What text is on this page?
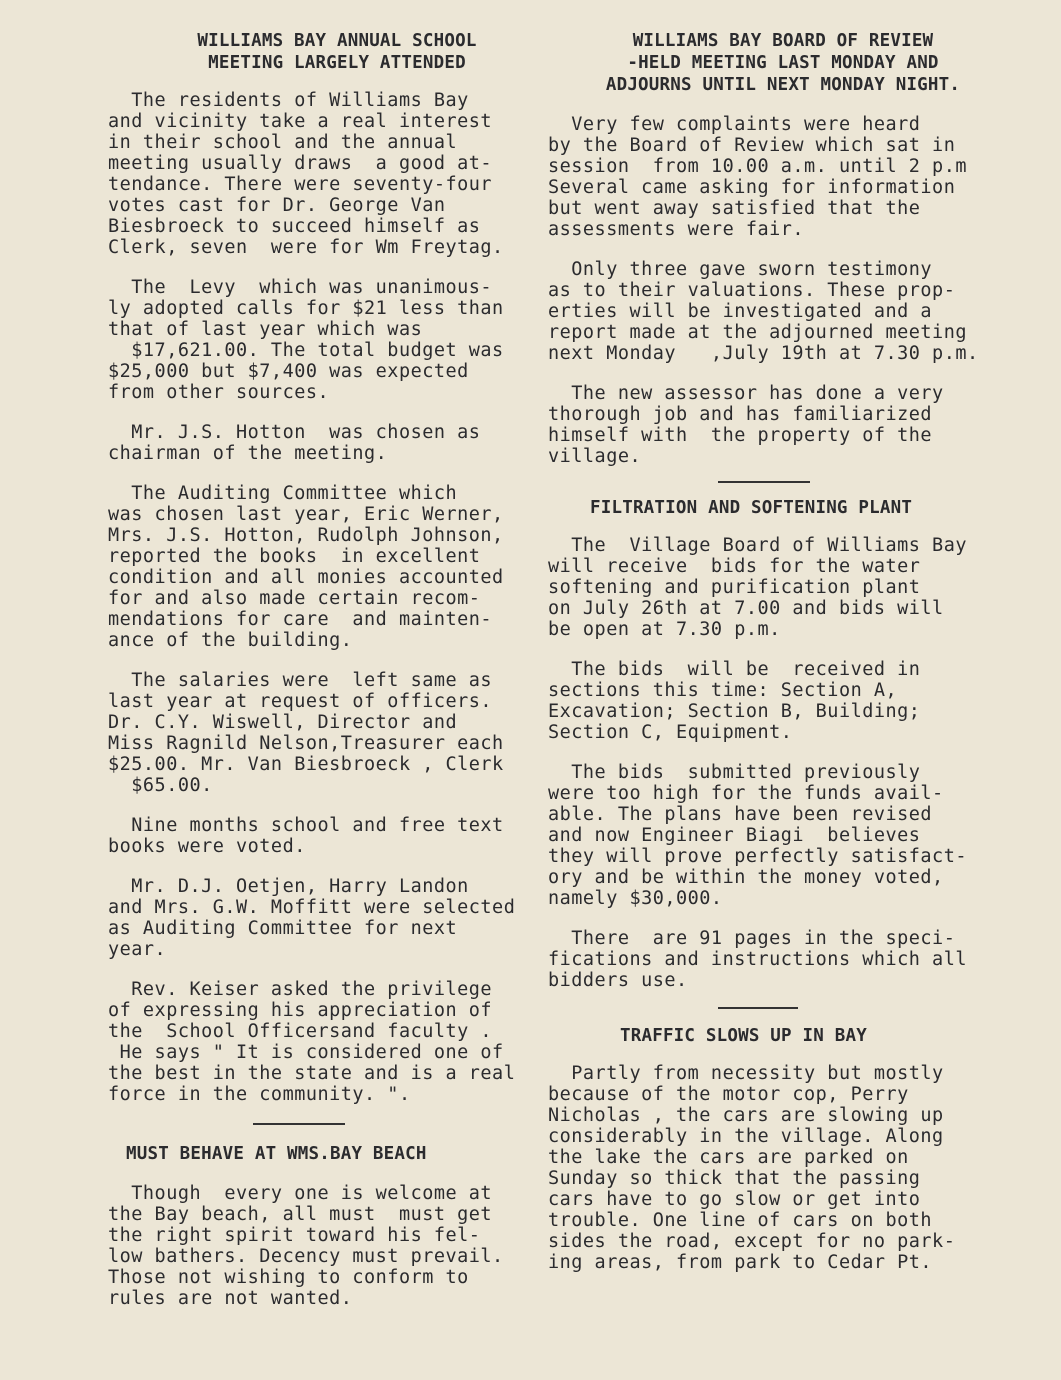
WILLIAMS BAY ANNUAL SCHOOL
MEETING LARGELY ATTENDED

The residents of Williams Bay
and vicinity take a real interest
in their school and the annual
meeting usually draws  a good at-
tendance. There were seventy-four
votes cast for Dr. George Van
Biesbroeck to succeed himself as
Clerk, seven  were for Wm Freytag.

The  Levy  which was unanimous-
ly adopted calls for $21 less than
that of last year which was
$17,621.00. The total budget was
$25,000 but $7,400 was expected
from other sources.

Mr. J.S. Hotton  was chosen as
chairman of the meeting.

The Auditing Committee which
was chosen last year, Eric Werner,
Mrs. J.S. Hotton, Rudolph Johnson,
reported the books  in excellent
condition and all monies accounted
for and also made certain recom-
mendations for care  and mainten-
ance of the building.

The salaries were  left same as
last year at request of officers.
Dr. C.Y. Wiswell, Director and
Miss Ragnild Nelson,Treasurer each
$25.00. Mr. Van Biesbroeck , Clerk
$65.00.

Nine months school and free text
books were voted.

Mr. D.J. Oetjen, Harry Landon
and Mrs. G.W. Moffitt were selected
as Auditing Committee for next
year.

Rev. Keiser asked the privilege
of expressing his appreciation of
the  School Officersand faculty .
He says " It is considered one of
the best in the state and is a real
force in the community. ".

MUST BEHAVE AT WMS.BAY BEACH

Though  every one is welcome at
the Bay beach, all must  must get
the right spirit toward his fel-
low bathers. Decency must prevail.
Those not wishing to conform to
rules are not wanted.

WILLIAMS BAY BOARD OF REVIEW
-HELD MEETING LAST MONDAY AND
ADJOURNS UNTIL NEXT MONDAY NIGHT.

Very few complaints were heard
by the Board of Review which sat in
session  from 10.00 a.m. until 2 p.m
Several came asking for information
but went away satisfied that the
assessments were fair.

Only three gave sworn testimony
as to their valuations. These prop-
erties will be investigated and a
report made at the adjourned meeting
next Monday   ,July 19th at 7.30 p.m.

The new assessor has done a very
thorough job and has familiarized
himself with  the property of the
village.

FILTRATION AND SOFTENING PLANT

The  Village Board of Williams Bay
will receive  bids for the water
softening and purification plant
on July 26th at 7.00 and bids will
be open at 7.30 p.m.

The bids  will be  received in
sections this time: Section A,
Excavation; Section B, Building;
Section C, Equipment.

The bids  submitted previously
were too high for the funds avail-
able. The plans have been revised
and now Engineer Biagi  believes
they will prove perfectly satisfact-
ory and be within the money voted,
namely $30,000.

There  are 91 pages in the speci-
fications and instructions which all
bidders use.

TRAFFIC SLOWS UP IN BAY

Partly from necessity but mostly
because of the motor cop, Perry
Nicholas , the cars are slowing up
considerably in the village. Along
the lake the cars are parked on
Sunday so thick that the passing
cars have to go slow or get into
trouble. One line of cars on both
sides the road, except for no park-
ing areas, from park to Cedar Pt.
